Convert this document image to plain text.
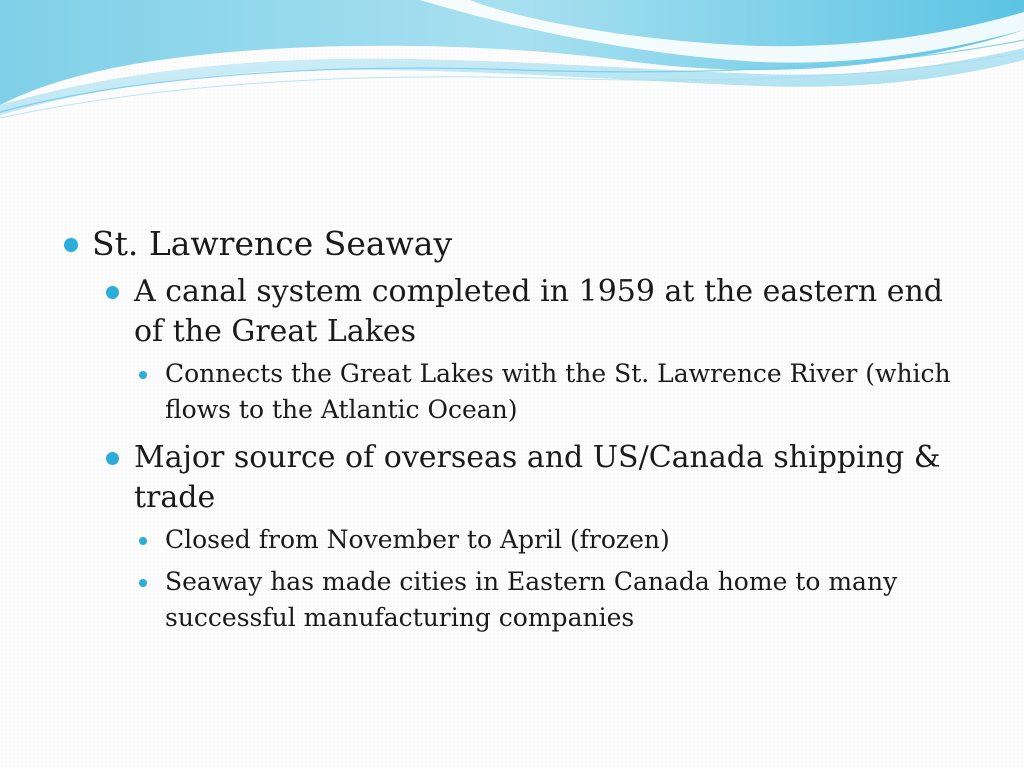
St. Lawrence Seaway
A canal system completed in 1959 at the eastern end of the Great Lakes
Connects the Great Lakes with the St. Lawrence River (which flows to the Atlantic Ocean)
Major source of overseas and US/Canada shipping & trade
Closed from November to April (frozen)
Seaway has made cities in Eastern Canada home to many successful manufacturing companies
